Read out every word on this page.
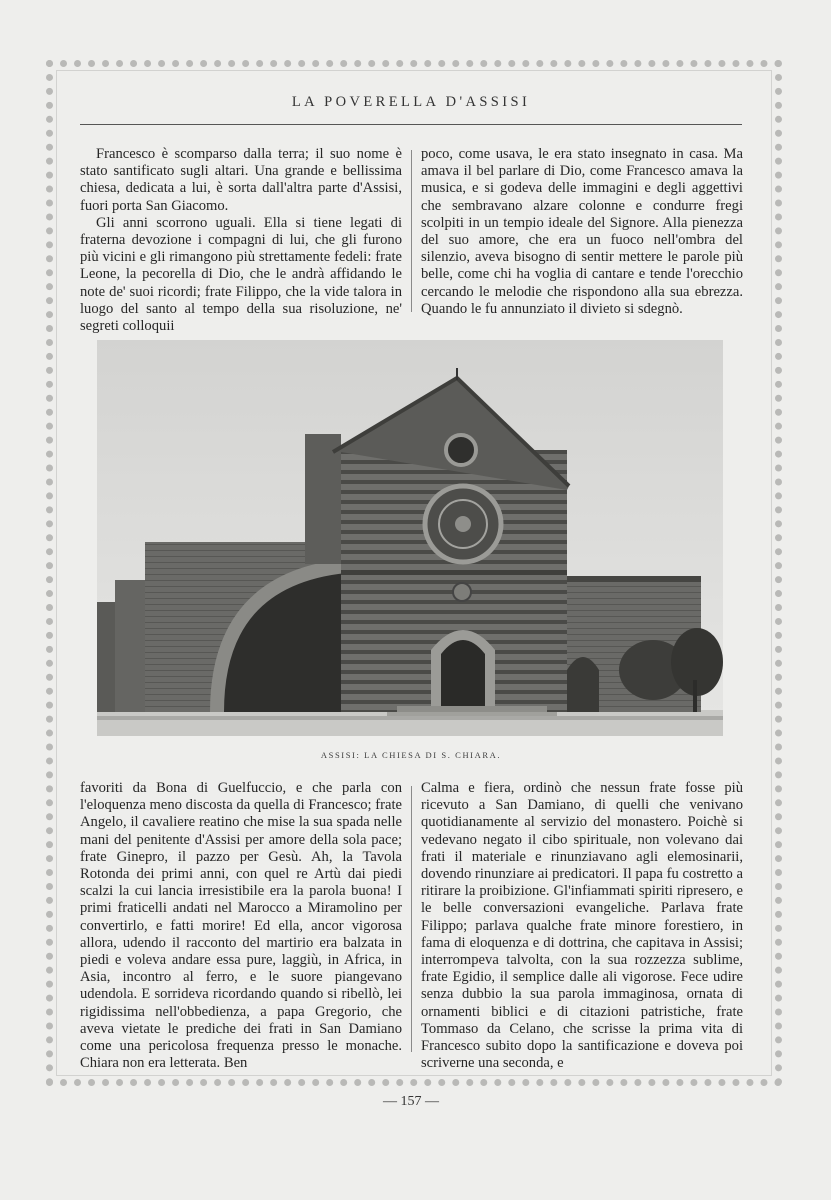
LA POVERELLA D'ASSISI

Francesco è scomparso dalla terra; il suo nome è stato santificato sugli altari. Una grande e bellissima chiesa, dedicata a lui, è sorta dall'altra parte d'Assisi, fuori porta San Giacomo.

Gli anni scorrono uguali. Ella si tiene legati di fraterna devozione i compagni di lui, che gli furono più vicini e gli rimangono più strettamente fedeli: frate Leone, la pecorella di Dio, che le andrà affidando le note de' suoi ricordi; frate Filippo, che la vide talora in luogo del santo al tempo della sua risoluzione, ne' segreti colloquii

poco, come usava, le era stato insegnato in casa. Ma amava il bel parlare di Dio, come Francesco amava la musica, e si godeva delle immagini e degli aggettivi che sembravano alzare colonne e condurre fregi scolpiti in un tempio ideale del Signore. Alla pienezza del suo amore, che era un fuoco nell'ombra del silenzio, aveva bisogno di sentir mettere le parole più belle, come chi ha voglia di cantare e tende l'orecchio cercando le melodie che rispondono alla sua ebrezza. Quando le fu annunziato il divieto si sdegnò.

ASSISI: LA CHIESA DI S. CHIARA.

favoriti da Bona di Guelfuccio, e che parla con l'eloquenza meno discosta da quella di Francesco; frate Angelo, il cavaliere reatino che mise la sua spada nelle mani del penitente d'Assisi per amore della sola pace; frate Ginepro, il pazzo per Gesù. Ah, la Tavola Rotonda dei primi anni, con quel re Artù dai piedi scalzi la cui lancia irresistibile era la parola buona! I primi fraticelli andati nel Marocco a Miramolino per convertirlo, e fatti morire! Ed ella, ancor vigorosa allora, udendo il racconto del martirio era balzata in piedi e voleva andare essa pure, laggiù, in Africa, in Asia, incontro al ferro, e le suore piangevano udendola. E sorrideva ricordando quando si ribellò, lei rigidissima nell'obbedienza, a papa Gregorio, che aveva vietate le prediche dei frati in San Damiano come una pericolosa frequenza presso le monache. Chiara non era letterata. Ben

Calma e fiera, ordinò che nessun frate fosse più ricevuto a San Damiano, di quelli che venivano quotidianamente al servizio del monastero. Poichè si vedevano negato il cibo spirituale, non volevano dai frati il materiale e rinunziavano agli elemosinarii, dovendo rinunziare ai predicatori. Il papa fu costretto a ritirare la proibizione. Gl'infiammati spiriti ripresero, e le belle conversazioni evangeliche. Parlava frate Filippo; parlava qualche frate minore forestiero, in fama di eloquenza e di dottrina, che capitava in Assisi; interrompeva talvolta, con la sua rozzezza sublime, frate Egidio, il semplice dalle ali vigorose. Fece udire senza dubbio la sua parola immaginosa, ornata di ornamenti biblici e di citazioni patristiche, frate Tommaso da Celano, che scrisse la prima vita di Francesco subito dopo la santificazione e doveva poi scriverne una seconda, e

— 157 —
